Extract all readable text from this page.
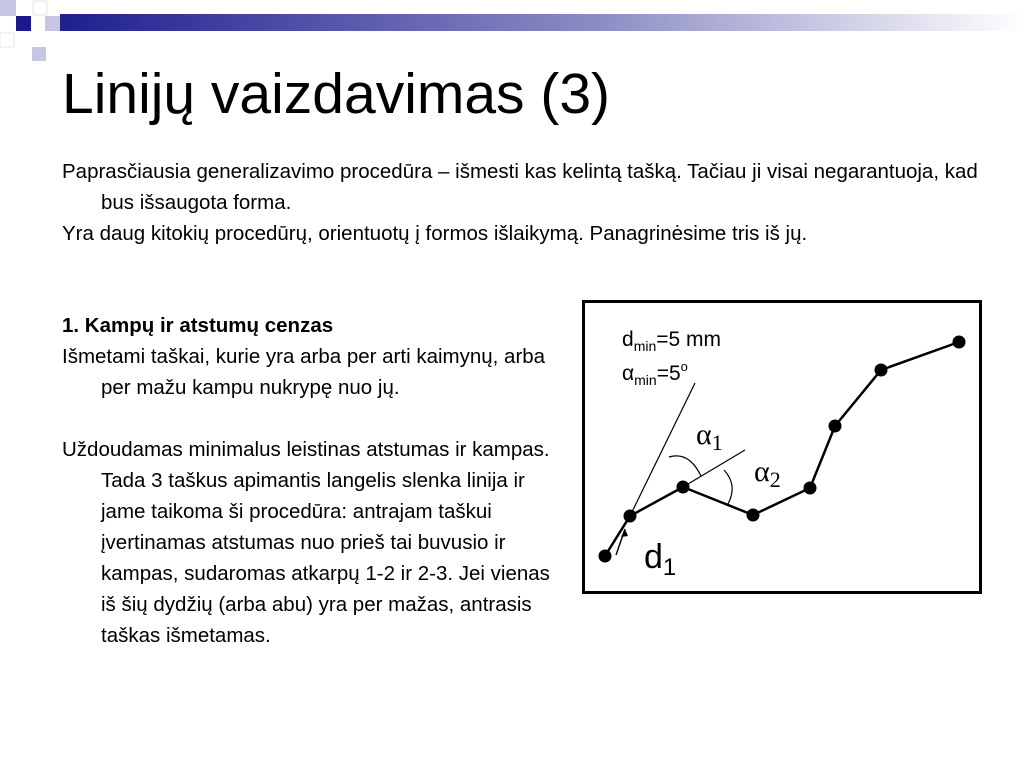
Linijų vaizdavimas (3)

Paprasčiausia generalizavimo procedūra – išmesti kas kelintą tašką. Tačiau ji visai negarantuoja, kad bus išsaugota forma.

Yra daug kitokių procedūrų, orientuotų į formos išlaikymą. Panagrinėsime tris iš jų.

1. Kampų ir atstumų cenzas

Išmetami taškai, kurie yra arba per arti kaimynų, arba per mažu kampu nukrypę nuo jų.

Uždoudamas minimalus leistinas atstumas ir kampas. Tada 3 taškus apimantis langelis slenka linija ir jame taikoma ši procedūra: antrajam taškui įvertinamas atstumas nuo prieš tai buvusio ir kampas, sudaromas atkarpų 1-2 ir 2-3. Jei vienas iš šių dydžių (arba abu) yra per mažas, antrasis taškas išmetamas.

$d_{min}=5$ mm
$\alpha_{min}=5^o$
$\alpha_1$
$\alpha_2$
$d_1$
